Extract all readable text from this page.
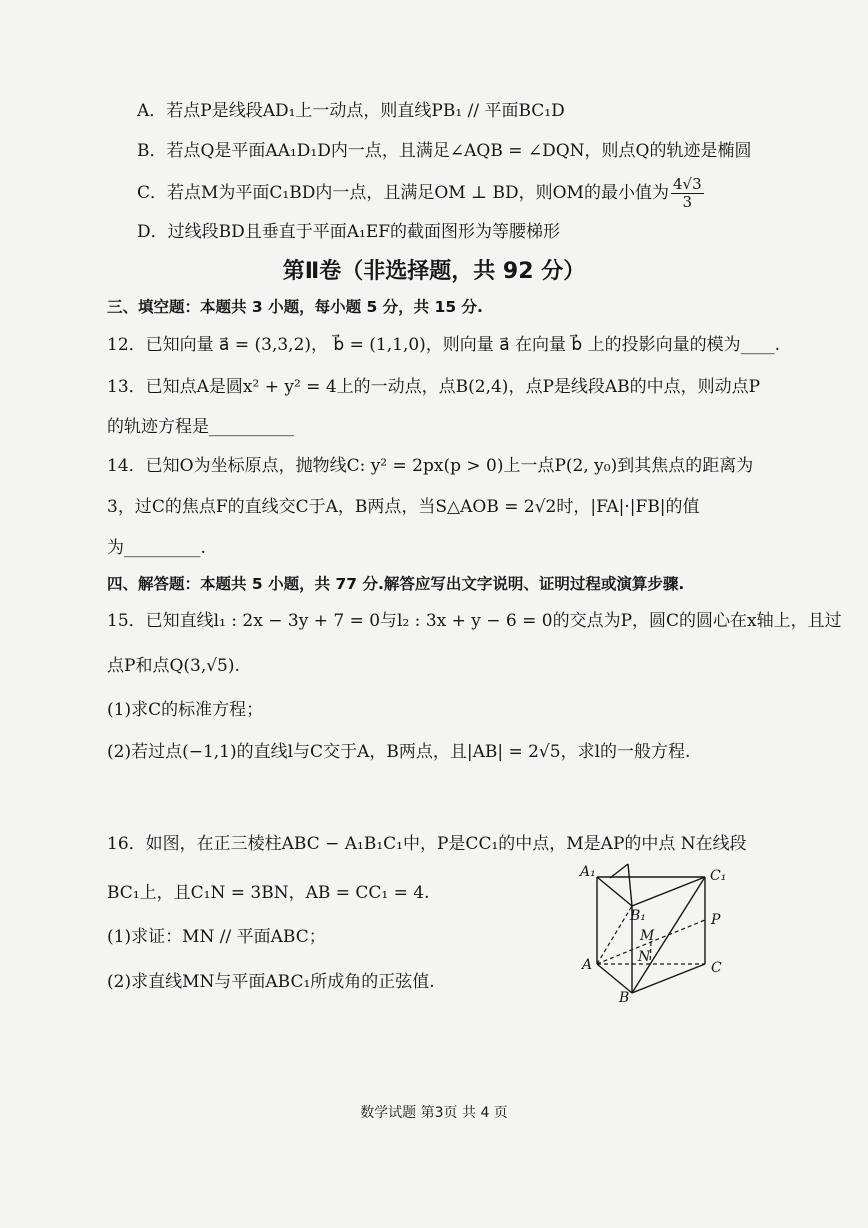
A．若点P是线段AD₁上一动点，则直线PB₁ // 平面BC₁D
B．若点Q是平面AA₁D₁D内一点，且满足∠AQB = ∠DQN，则点Q的轨迹是椭圆
C．若点M为平面C₁BD内一点，且满足OM ⊥ BD，则OM的最小值为 $\frac{4√3}{3}$
D．过线段BD且垂直于平面A₁EF的截面图形为等腰梯形
第Ⅱ卷（非选择题，共 92 分）
三、填空题：本题共 3 小题，每小题 5 分，共 15 分.
12．已知向量 a⃗ = (3,3,2)， b⃗ = (1,1,0)，则向量 a⃗ 在向量 b⃗ 上的投影向量的模为____.
13．已知点A是圆x² + y² = 4上的一动点，点B(2,4)，点P是线段AB的中点，则动点P
的轨迹方程是__________
14．已知O为坐标原点，抛物线C: y² = 2px(p > 0)上一点P(2, y₀)到其焦点的距离为
3，过C的焦点F的直线交C于A，B两点，当S△AOB = 2√2时，|FA|·|FB|的值
为_________.
四、解答题：本题共 5 小题，共 77 分.解答应写出文字说明、证明过程或演算步骤.
15．已知直线l₁ : 2x − 3y + 7 = 0与l₂ : 3x + y − 6 = 0的交点为P，圆C的圆心在x轴上，且过
点P和点Q(3,√5).
(1)求C的标准方程；
(2)若过点(−1,1)的直线l与C交于A，B两点，且|AB| = 2√5，求l的一般方程.
16．如图，在正三棱柱ABC − A₁B₁C₁中，P是CC₁的中点，M是AP的中点 N在线段
BC₁上，且C₁N = 3BN，AB = CC₁ = 4.
(1)求证：MN // 平面ABC；
(2)求直线MN与平面ABC₁所成角的正弦值.
A₁	C₁
B₁	P
M
A	N
C
B
数学试题 第3页 共 4 页
